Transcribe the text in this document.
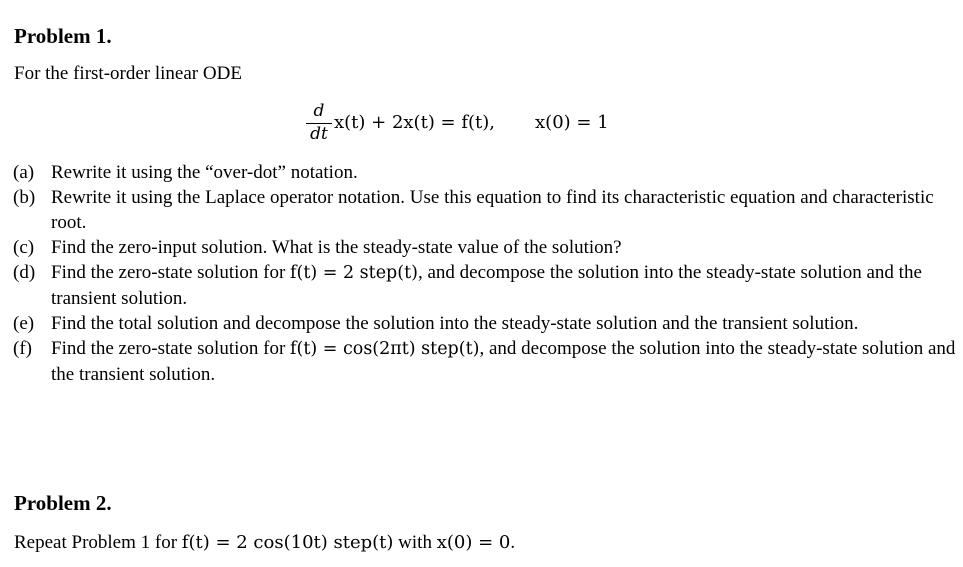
Problem 1.

For the first-order linear ODE

$\frac{d}{dt} x(t) + 2x(t) = f(t)$, x(0) = 1
(a) Rewrite it using the “over-dot” notation.
(b) Rewrite it using the Laplace operator notation. Use this equation to find its characteristic equation and characteristic root.
(c) Find the zero-input solution. What is the steady-state value of the solution?
(d) Find the zero-state solution for f(t) = 2 step(t), and decompose the solution into the steady-state solution and the transient solution.
(e) Find the total solution and decompose the solution into the steady-state solution and the transient solution.
(f)	Find the zero-state solution for f(t) = cos(2πt) step(t), and decompose the solution into the steady-state solution and the transient solution.
Problem 2.

Repeat Problem 1 for f(t) = 2 cos(10t) step(t) with x(0) = 0.
